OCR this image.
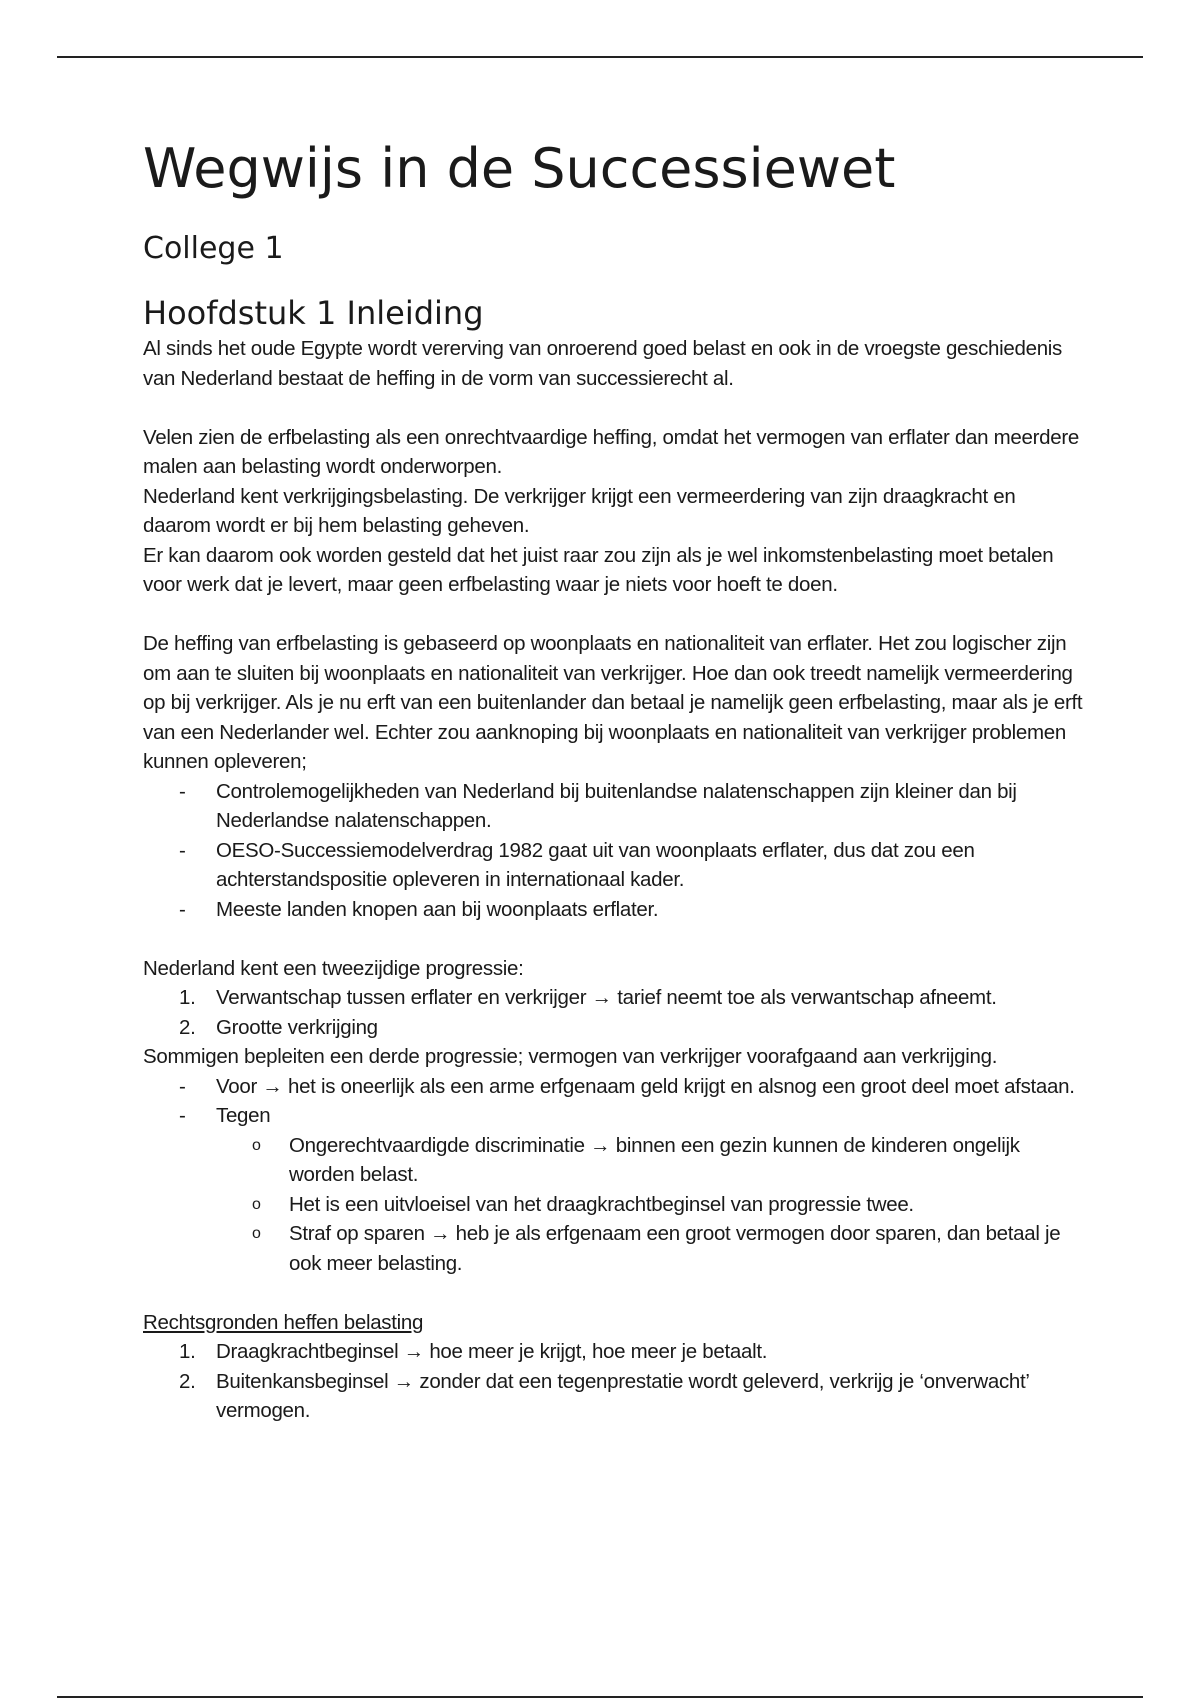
Wegwijs in de Successiewet
College 1
Hoofdstuk 1 Inleiding

Al sinds het oude Egypte wordt vererving van onroerend goed belast en ook in de vroegste geschiedenis van Nederland bestaat de heffing in de vorm van successierecht al.

Velen zien de erfbelasting als een onrechtvaardige heffing, omdat het vermogen van erflater dan meerdere malen aan belasting wordt onderworpen.

Nederland kent verkrijgingsbelasting. De verkrijger krijgt een vermeerdering van zijn draagkracht en daarom wordt er bij hem belasting geheven.

Er kan daarom ook worden gesteld dat het juist raar zou zijn als je wel inkomstenbelasting moet betalen voor werk dat je levert, maar geen erfbelasting waar je niets voor hoeft te doen.

De heffing van erfbelasting is gebaseerd op woonplaats en nationaliteit van erflater. Het zou logischer zijn om aan te sluiten bij woonplaats en nationaliteit van verkrijger. Hoe dan ook treedt namelijk vermeerdering op bij verkrijger. Als je nu erft van een buitenlander dan betaal je namelijk geen erfbelasting, maar als je erft van een Nederlander wel. Echter zou aanknoping bij woonplaats en nationaliteit van verkrijger problemen kunnen opleveren;

- Controlemogelijkheden van Nederland bij buitenlandse nalatenschappen zijn kleiner dan bij Nederlandse nalatenschappen.
- OESO-Successiemodelverdrag 1982 gaat uit van woonplaats erflater, dus dat zou een achterstandspositie opleveren in internationaal kader.
- Meeste landen knopen aan bij woonplaats erflater.

Nederland kent een tweezijdige progressie:

1. Verwantschap tussen erflater en verkrijger → tarief neemt toe als verwantschap afneemt.
2. Grootte verkrijging

Sommigen bepleiten een derde progressie; vermogen van verkrijger voorafgaand aan verkrijging.

- Voor → het is oneerlijk als een arme erfgenaam geld krijgt en alsnog een groot deel moet afstaan.
- Tegen
o Ongerechtvaardigde discriminatie → binnen een gezin kunnen de kinderen ongelijk worden belast.
o Het is een uitvloeisel van het draagkrachtbeginsel van progressie twee.
o Straf op sparen → heb je als erfgenaam een groot vermogen door sparen, dan betaal je ook meer belasting.

Rechtsgronden heffen belasting

1. Draagkrachtbeginsel → hoe meer je krijgt, hoe meer je betaalt.
2. Buitenkansbeginsel → zonder dat een tegenprestatie wordt geleverd, verkrijg je ‘onverwacht’ vermogen.
